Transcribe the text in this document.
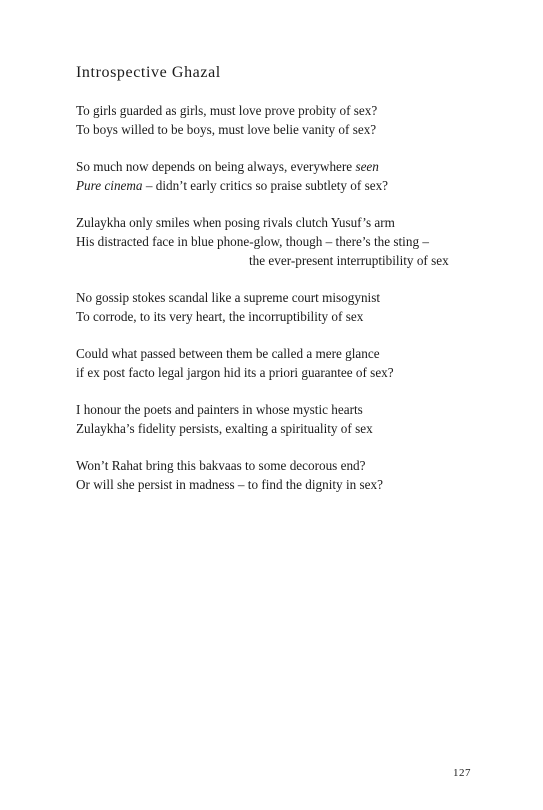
Introspective Ghazal
To girls guarded as girls, must love prove probity of sex?
To boys willed to be boys, must love belie vanity of sex?
So much now depends on being always, everywhere seen
Pure cinema – didn’t early critics so praise subtlety of sex?
Zulaykha only smiles when posing rivals clutch Yusuf’s arm
His distracted face in blue phone-glow, though – there’s the sting –
the ever-present interruptibility of sex
No gossip stokes scandal like a supreme court misogynist
To corrode, to its very heart, the incorruptibility of sex
Could what passed between them be called a mere glance
if ex post facto legal jargon hid its a priori guarantee of sex?
I honour the poets and painters in whose mystic hearts
Zulaykha’s fidelity persists, exalting a spirituality of sex
Won’t Rahat bring this bakvaas to some decorous end?
Or will she persist in madness – to find the dignity in sex?
127
